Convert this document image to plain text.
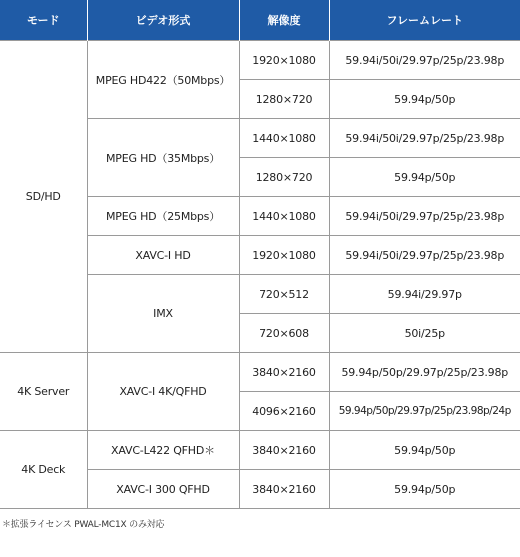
モード	ビデオ形式	解像度	フレームレート
SD/HD	MPEG HD422（50Mbps）	1920×1080	59.94i/50i/29.97p/25p/23.98p
		1280×720	59.94p/50p
	MPEG HD（35Mbps）	1440×1080	59.94i/50i/29.97p/25p/23.98p
		1280×720	59.94p/50p
	MPEG HD（25Mbps）	1440×1080	59.94i/50i/29.97p/25p/23.98p
	XAVC-I HD	1920×1080	59.94i/50i/29.97p/25p/23.98p
	IMX	720×512	59.94i/29.97p
		720×608	50i/25p
4K Server	XAVC-I 4K/QFHD	3840×2160	59.94p/50p/29.97p/25p/23.98p
		4096×2160	59.94p/50p/29.97p/25p/23.98p/24p
4K Deck	XAVC-L422 QFHD＊	3840×2160	59.94p/50p
	XAVC-I 300 QFHD	3840×2160	59.94p/50p
＊拡張ライセンス PWAL-MC1X のみ対応
